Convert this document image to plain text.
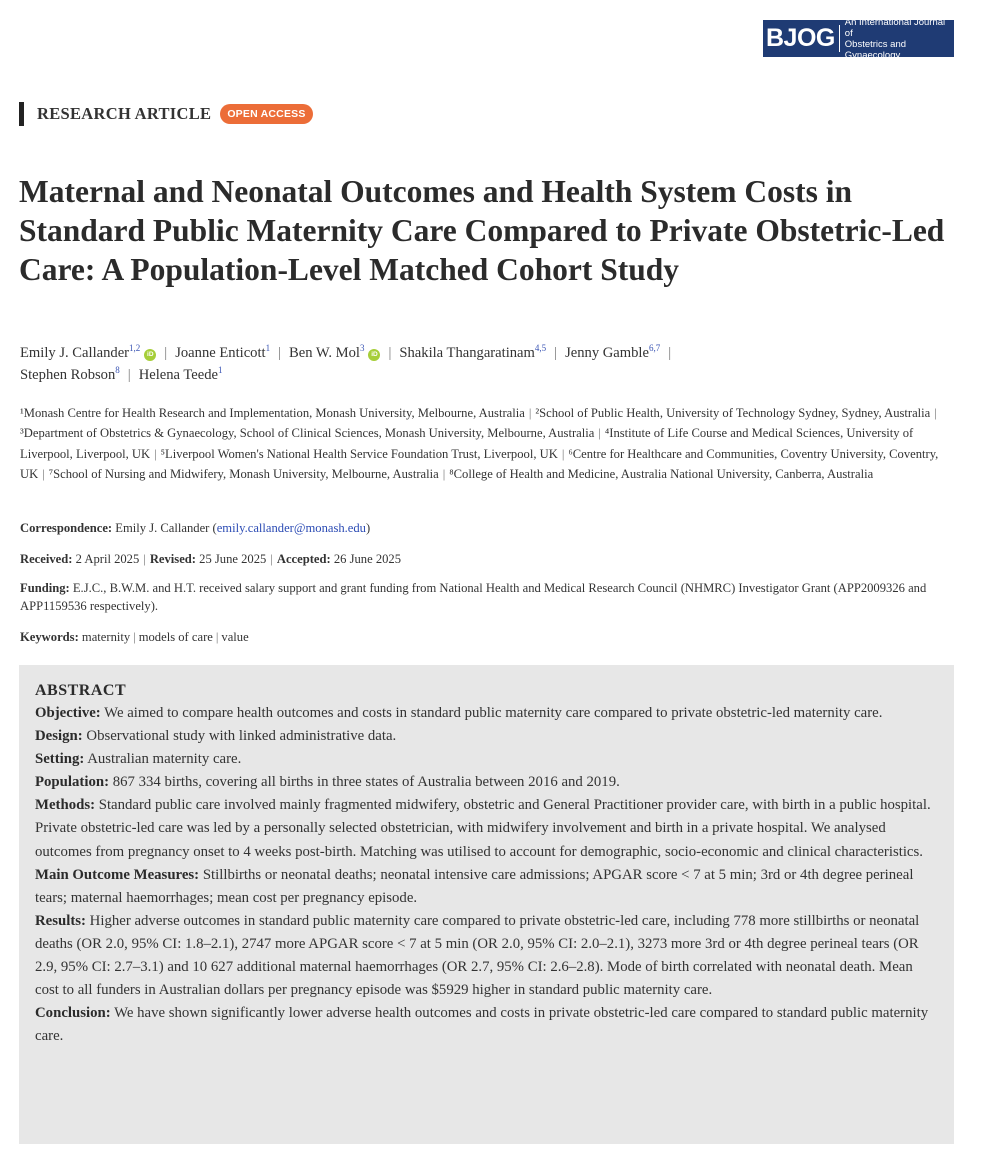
BJOG
An International Journal of
Obstetrics and Gynaecology
RESEARCH ARTICLE	OPEN ACCESS
Maternal and Neonatal Outcomes and Health System Costs in Standard Public Maternity Care Compared to Private Obstetric-Led Care: A Population-Level Matched Cohort Study
Emily J. Callander$^{1,2}$iD | Joanne Enticott$^1$ | Ben W. Mol$^3$iD | Shakila Thangaratinam$^{4,5}$ | Jenny Gamble$^{6,7}$ |
Stephen Robson$^8$ | Helena Teede$^1$
¹Monash Centre for Health Research and Implementation, Monash University, Melbourne, Australia | ²School of Public Health, University of Technology Sydney, Sydney, Australia |³Department of Obstetrics & Gynaecology, School of Clinical Sciences, Monash University, Melbourne, Australia | ⁴Institute of Life Course and Medical Sciences, University of Liverpool, Liverpool, UK | ⁵Liverpool Women's National Health Service Foundation Trust, Liverpool, UK | ⁶Centre for Healthcare and Communities, Coventry University, Coventry, UK | ⁷School of Nursing and Midwifery, Monash University, Melbourne, Australia | ⁸College of Health and Medicine, Australia National University, Canberra, Australia
Correspondence: Emily J. Callander (emily.callander@monash.edu)
Received: 2 April 2025 | Revised: 25 June 2025 | Accepted: 26 June 2025
Funding: E.J.C., B.W.M. and H.T. received salary support and grant funding from National Health and Medical Research Council (NHMRC) Investigator Grant (APP2009326 and APP1159536 respectively).
Keywords: maternity | models of care | value
ABSTRACT

Objective: We aimed to compare health outcomes and costs in standard public maternity care compared to private obstetric-led maternity care.

Design: Observational study with linked administrative data.

Setting: Australian maternity care.

Population: 867 334 births, covering all births in three states of Australia between 2016 and 2019.

Methods: Standard public care involved mainly fragmented midwifery, obstetric and General Practitioner provider care, with birth in a public hospital. Private obstetric-led care was led by a personally selected obstetrician, with midwifery involvement and birth in a private hospital. We analysed outcomes from pregnancy onset to 4 weeks post-birth. Matching was utilised to account for demographic, socio-economic and clinical characteristics.

Main Outcome Measures: Stillbirths or neonatal deaths; neonatal intensive care admissions; APGAR score < 7 at 5 min; 3rd or 4th degree perineal tears; maternal haemorrhages; mean cost per pregnancy episode.

Results: Higher adverse outcomes in standard public maternity care compared to private obstetric-led care, including 778 more stillbirths or neonatal deaths (OR 2.0, 95% CI: 1.8–2.1), 2747 more APGAR score < 7 at 5 min (OR 2.0, 95% CI: 2.0–2.1), 3273 more 3rd or 4th degree perineal tears (OR 2.9, 95% CI: 2.7–3.1) and 10 627 additional maternal haemorrhages (OR 2.7, 95% CI: 2.6–2.8). Mode of birth correlated with neonatal death. Mean cost to all funders in Australian dollars per pregnancy episode was $5929 higher in standard public maternity care.

Conclusion: We have shown significantly lower adverse health outcomes and costs in private obstetric-led care compared to standard public maternity care.
